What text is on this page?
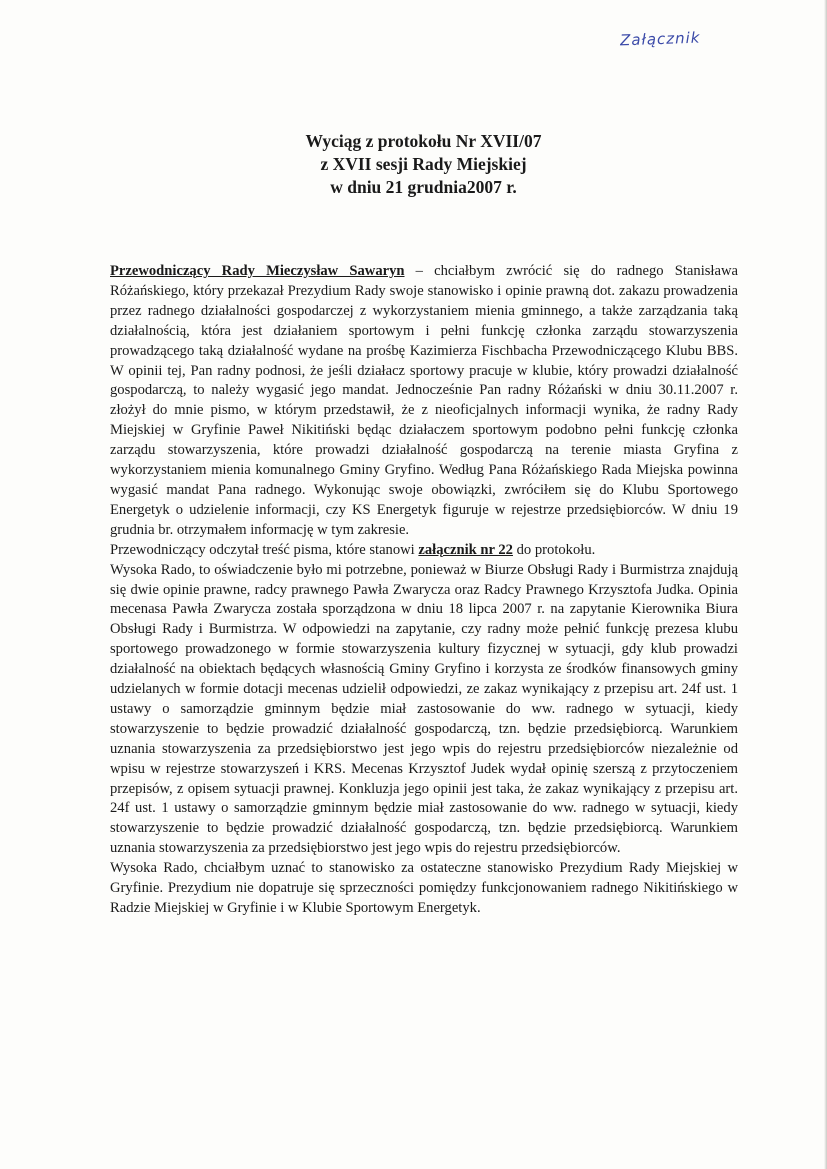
Załącznik
Wyciąg z protokołu Nr XVII/07
z XVII sesji Rady Miejskiej
w dniu 21 grudnia2007 r.

Przewodniczący Rady Mieczysław Sawaryn – chciałbym zwrócić się do radnego Stanisława Różańskiego, który przekazał Prezydium Rady swoje stanowisko i opinie prawną dot. zakazu prowadzenia przez radnego działalności gospodarczej z wykorzystaniem mienia gminnego, a także zarządzania taką działalnością, która jest działaniem sportowym i pełni funkcję członka zarządu stowarzyszenia prowadzącego taką działalność wydane na prośbę Kazimierza Fischbacha Przewodniczącego Klubu BBS. W opinii tej, Pan radny podnosi, że jeśli działacz sportowy pracuje w klubie, który prowadzi działalność gospodarczą, to należy wygasić jego mandat. Jednocześnie Pan radny Różański w dniu 30.11.2007 r. złożył do mnie pismo, w którym przedstawił, że z nieoficjalnych informacji wynika, że radny Rady Miejskiej w Gryfinie Paweł Nikitiński będąc działaczem sportowym podobno pełni funkcję członka zarządu stowarzyszenia, które prowadzi działalność gospodarczą na terenie miasta Gryfina z wykorzystaniem mienia komunalnego Gminy Gryfino. Według Pana Różańskiego Rada Miejska powinna wygasić mandat Pana radnego. Wykonując swoje obowiązki, zwróciłem się do Klubu Sportowego Energetyk o udzielenie informacji, czy KS Energetyk figuruje w rejestrze przedsiębiorców. W dniu 19 grudnia br. otrzymałem informację w tym zakresie.

Przewodniczący odczytał treść pisma, które stanowi załącznik nr 22 do protokołu.

Wysoka Rado, to oświadczenie było mi potrzebne, ponieważ w Biurze Obsługi Rady i Burmistrza znajdują się dwie opinie prawne, radcy prawnego Pawła Zwarycza oraz Radcy Prawnego Krzysztofa Judka. Opinia mecenasa Pawła Zwarycza została sporządzona w dniu 18 lipca 2007 r. na zapytanie Kierownika Biura Obsługi Rady i Burmistrza. W odpowiedzi na zapytanie, czy radny może pełnić funkcję prezesa klubu sportowego prowadzonego w formie stowarzyszenia kultury fizycznej w sytuacji, gdy klub prowadzi działalność na obiektach będących własnością Gminy Gryfino i korzysta ze środków finansowych gminy udzielanych w formie dotacji mecenas udzielił odpowiedzi, ze zakaz wynikający z przepisu art. 24f ust. 1 ustawy o samorządzie gminnym będzie miał zastosowanie do ww. radnego w sytuacji, kiedy stowarzyszenie to będzie prowadzić działalność gospodarczą, tzn. będzie przedsiębiorcą. Warunkiem uznania stowarzyszenia za przedsiębiorstwo jest jego wpis do rejestru przedsiębiorców niezależnie od wpisu w rejestrze stowarzyszeń i KRS. Mecenas Krzysztof Judek wydał opinię szerszą z przytoczeniem przepisów, z opisem sytuacji prawnej. Konkluzja jego opinii jest taka, że zakaz wynikający z przepisu art. 24f ust. 1 ustawy o samorządzie gminnym będzie miał zastosowanie do ww. radnego w sytuacji, kiedy stowarzyszenie to będzie prowadzić działalność gospodarczą, tzn. będzie przedsiębiorcą. Warunkiem uznania stowarzyszenia za przedsiębiorstwo jest jego wpis do rejestru przedsiębiorców.

Wysoka Rado, chciałbym uznać to stanowisko za ostateczne stanowisko Prezydium Rady Miejskiej w Gryfinie. Prezydium nie dopatruje się sprzeczności pomiędzy funkcjonowaniem radnego Nikitińskiego w Radzie Miejskiej w Gryfinie i w Klubie Sportowym Energetyk.
